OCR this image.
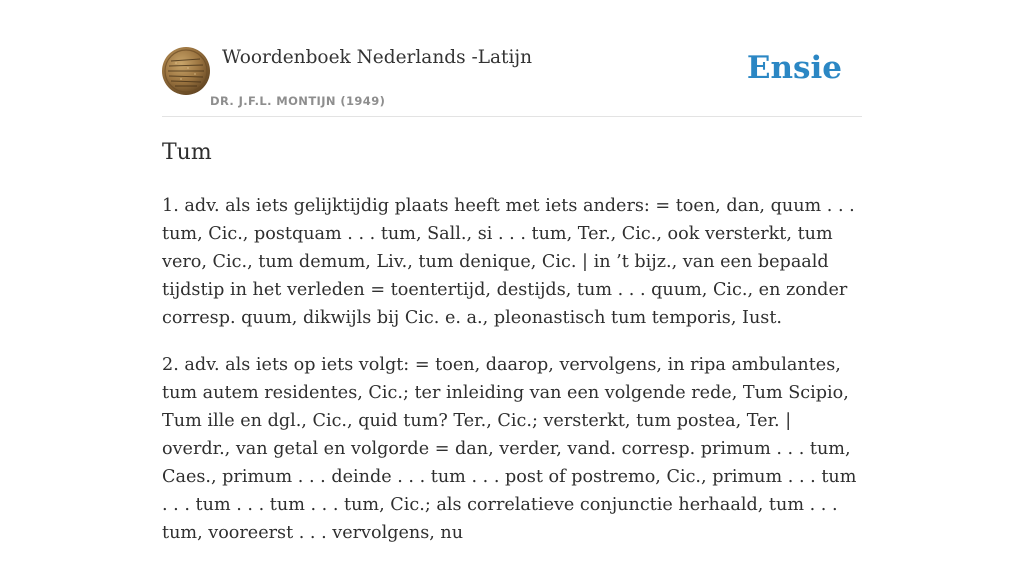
Woordenboek Nederlands -Latijn
DR. J.F.L. MONTIJN (1949)
Ensie
Tum

1. adv. als iets gelijktijdig plaats heeft met iets anders: = toen, dan, quum . . . tum, Cic., postquam . . . tum, Sall., si . . . tum, Ter., Cic., ook versterkt, tum vero, Cic., tum demum, Liv., tum denique, Cic. | in ’t bijz., van een bepaald tijdstip in het verleden = toentertijd, destijds, tum . . . quum, Cic., en zonder corresp. quum, dikwijls bij Cic. e. a., pleonastisch tum temporis, Iust.

2. adv. als iets op iets volgt: = toen, daarop, vervolgens, in ripa ambulantes, tum autem residentes, Cic.; ter inleiding van een volgende rede, Tum Scipio, Tum ille en dgl., Cic., quid tum? Ter., Cic.; versterkt, tum postea, Ter. | overdr., van getal en volgorde = dan, verder, vand. corresp. primum . . . tum, Caes., primum . . . deinde . . . tum . . . post of postremo, Cic., primum . . . tum . . . tum . . . tum . . . tum, Cic.; als correlatieve conjunctie herhaald, tum . . . tum, vooreerst . . . vervolgens, nu
